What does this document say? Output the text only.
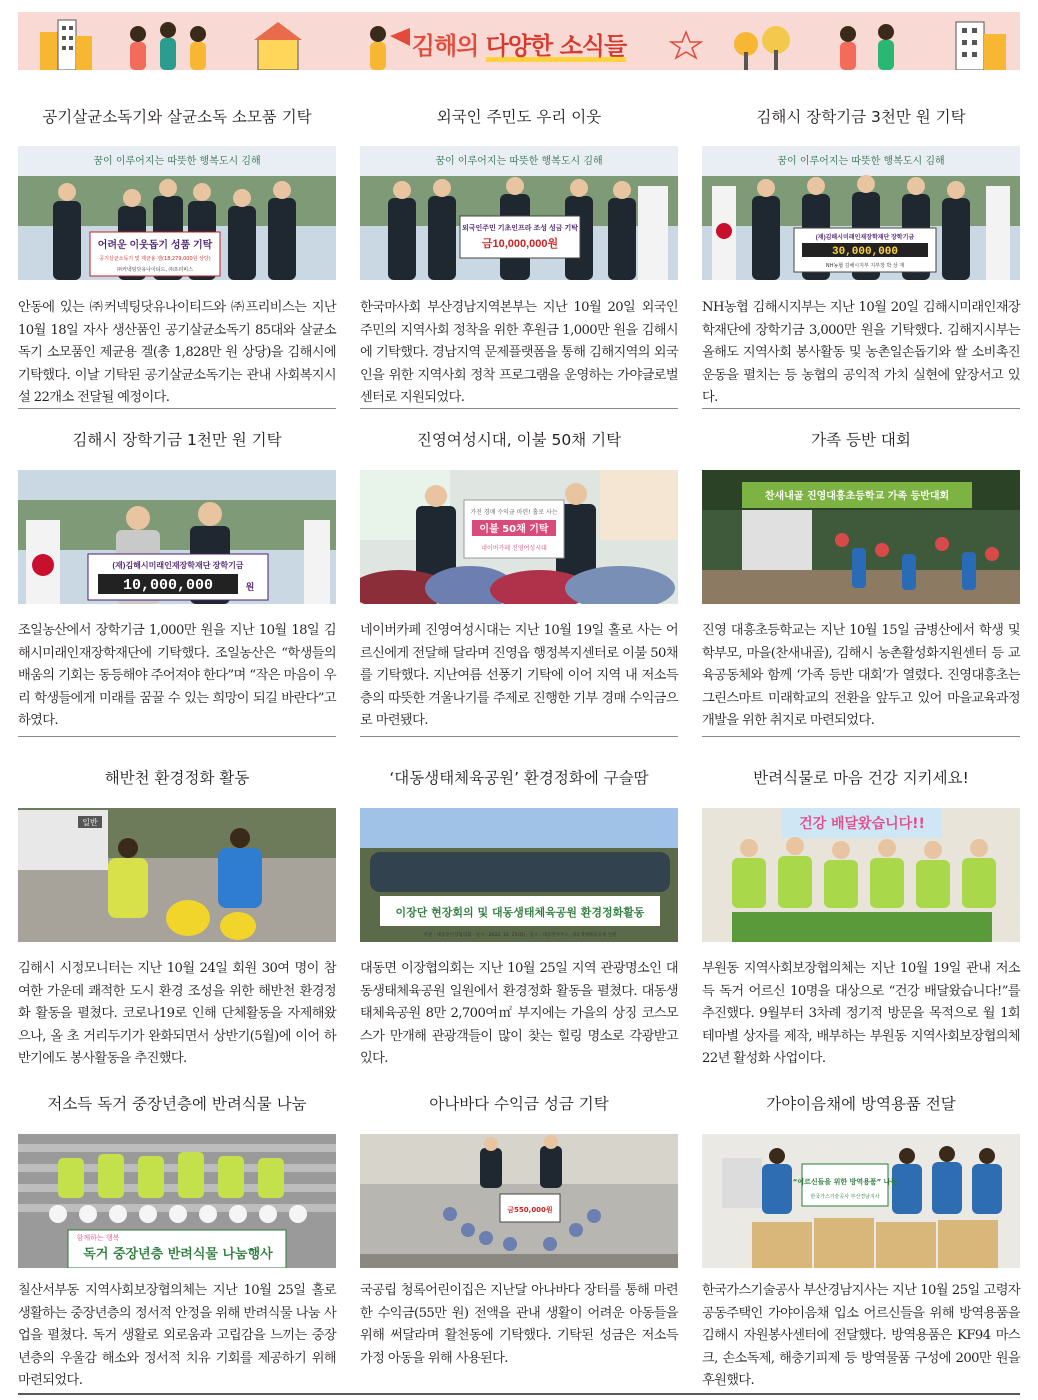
김해의 다양한 소식들
공기살균소독기와 살균소독 소모품 기탁
꿈이 이루어지는 따뜻한 행복도시 김해
어려운 이웃돕기 성품 기탁
공기살균소독기 및 제균용 겔(18,279,000원 상당)
㈜커넥팅닷유나이티드, ㈜프리비스

안동에 있는 ㈜커넥팅닷유나이티드와 ㈜프리비스는 지난 10월 18일 자사 생산품인 공기살균소독기 85대와 살균소독기 소모품인 제균용 겔(총 1,828만 원 상당)을 김해시에 기탁했다. 이날 기탁된 공기살균소독기는 관내 사회복지시설 22개소 전달될 예정이다.

외국인 주민도 우리 이웃
꿈이 이루어지는 따뜻한 행복도시 김해
외국인주민 기초인프라 조성 성금 기탁
금10,000,000원

한국마사회 부산경남지역본부는 지난 10월 20일 외국인 주민의 지역사회 정착을 위한 후원금 1,000만 원을 김해시에 기탁했다. 경남지역 문제플랫폼을 통해 김해지역의 외국인을 위한 지역사회 정착 프로그램을 운영하는 가야글로벌센터로 지원되었다.

김해시 장학기금 3천만 원 기탁
꿈이 이루어지는 따뜻한 행복도시 김해
(재)김해시미래인재장학재단 장학기금
30,000,000
NH농협 김해시지부 지부장 박 상 재

NH농협 김해시지부는 지난 10월 20일 김해시미래인재장학재단에 장학기금 3,000만 원을 기탁했다. 김해지시부는 올해도 지역사회 봉사활동 및 농촌일손돕기와 쌀 소비촉진운동을 펼치는 등 농협의 공익적 가치 실현에 앞장서고 있다.

김해시 장학기금 1천만 원 기탁
(재)김해시미래인재장학재단 장학기금
10,000,000	원

조일농산에서 장학기금 1,000만 원을 지난 10월 18일 김해시미래인재장학재단에 기탁했다. 조일농산은 “학생들의 배움의 기회는 동등해야 주어져야 한다”며 “작은 마음이 우리 학생들에게 미래를 꿈꿀 수 있는 희망이 되길 바란다”고 하였다.

진영여성시대, 이불 50채 기탁
가진 경매 수익금 마련! 홀로 사는
이불 50채 기탁
네이버카페 진영여성시대

네이버카페 진영여성시대는 지난 10월 19일 홀로 사는 어르신에게 전달해 달라며 진영읍 행정복지센터로 이불 50채를 기탁했다. 지난여름 선풍기 기탁에 이어 지역 내 저소득층의 따뜻한 겨울나기를 주제로 진행한 기부 경매 수익금으로 마련됐다.

가족 등반 대회
찬새내골 진영대흥초등학교 가족 등반대회

진영 대흥초등학교는 지난 10월 15일 금병산에서 학생 및 학부모, 마을(찬새내골), 김해시 농촌활성화지원센터 등 교육공동체와 함께 ‘가족 등반 대회’가 열렸다. 진영대흥초는 그린스마트 미래학교의 전환을 앞두고 있어 마을교육과정 개발을 위한 취지로 마련되었다.

해반천 환경정화 활동
일반

김해시 시정모니터는 지난 10월 24일 회원 30여 명이 참여한 가운데 쾌적한 도시 환경 조성을 위한 해반천 환경정화 활동을 펼쳤다. 코로나19로 인해 단체활동을 자제해왔으나, 올 초 거리두기가 완화되면서 상반기(5월)에 이어 하반기에도 봉사활동을 추진했다.

‘대동생태체육공원’ 환경정화에 구슬땀
이장단 현장회의 및 대동생태체육공원 환경정화활동
주관 : 대동면이장협의회 · 일시 : 2022. 10. 25(화) · 장소 : 대동면사무소, 대동생태체육공원 일원

대동면 이장협의회는 지난 10월 25일 지역 관광명소인 대동생태체육공원 일원에서 환경정화 활동을 펼쳤다. 대동생태체육공원 8만 2,700여㎡ 부지에는 가을의 상징 코스모스가 만개해 관광객들이 많이 찾는 힐링 명소로 각광받고 있다.

반려식물로 마음 건강 지키세요!
건강 배달왔습니다!!

부원동 지역사회보장협의체는 지난 10월 19일 관내 저소득 독거 어르신 10명을 대상으로 “건강 배달왔습니다!”를 추진했다. 9월부터 3차례 정기적 방문을 목적으로 월 1회 테마별 상자를 제작, 배부하는 부원동 지역사회보장협의체 22년 활성화 사업이다.

저소득 독거 중장년층에 반려식물 나눔
함께하는 행복
독거 중장년층 반려식물 나눔행사

칠산서부동 지역사회보장협의체는 지난 10월 25일 홀로 생활하는 중장년층의 정서적 안정을 위해 반려식물 나눔 사업을 펼쳤다. 독거 생활로 외로움과 고립감을 느끼는 중장년층의 우울감 해소와 정서적 치유 기회를 제공하기 위해 마련되었다.

아나바다 수익금 성금 기탁
금550,000원

국공립 청록어린이집은 지난달 아나바다 장터를 통해 마련한 수익금(55만 원) 전액을 관내 생활이 어려운 아동들을 위해 써달라며 활천동에 기탁했다. 기탁된 성금은 저소득 가정 아동을 위해 사용된다.

가야이음채에 방역용품 전달
“어르신들을 위한 방역용품” 나눔
한국가스기술공사 부산경남지사

한국가스기술공사 부산경남지사는 지난 10월 25일 고령자 공동주택인 가야이음채 입소 어르신들을 위해 방역용품을 김해시 자원봉사센터에 전달했다. 방역용품은 KF94 마스크, 손소독제, 해충기피제 등 방역물품 구성에 200만 원을 후원했다.
